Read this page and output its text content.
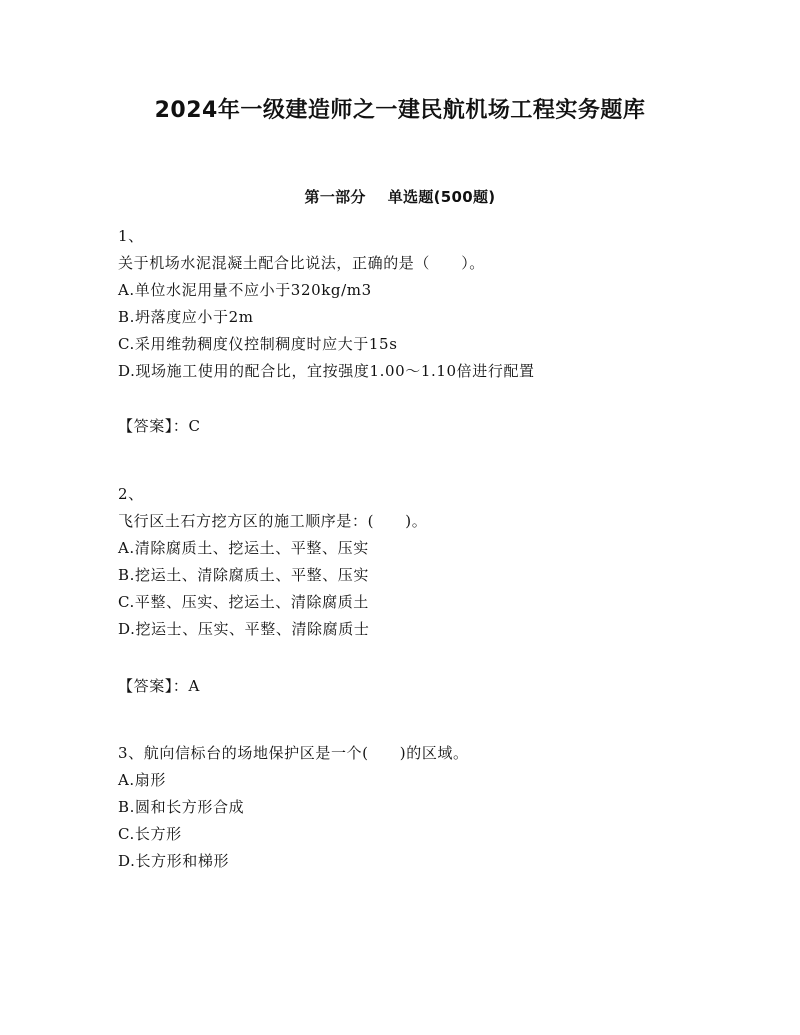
2024年一级建造师之一建民航机场工程实务题库
第一部分 单选题(500题)
1、
关于机场水泥混凝土配合比说法，正确的是（　　）。
A.单位水泥用量不应小于320kg/m3
B.坍落度应小于2m
C.采用维勃稠度仪控制稠度时应大于15s
D.现场施工使用的配合比，宜按强度1.00～1.10倍进行配置
【答案】：C
2、
飞行区土石方挖方区的施工顺序是：(　　)。
A.清除腐质土、挖运土、平整、压实
B.挖运土、清除腐质土、平整、压实
C.平整、压实、挖运土、清除腐质土
D.挖运士、压实、平整、清除腐质士
【答案】：A
3、航向信标台的场地保护区是一个(　　)的区域。
A.扇形
B.圆和长方形合成
C.长方形
D.长方形和梯形
